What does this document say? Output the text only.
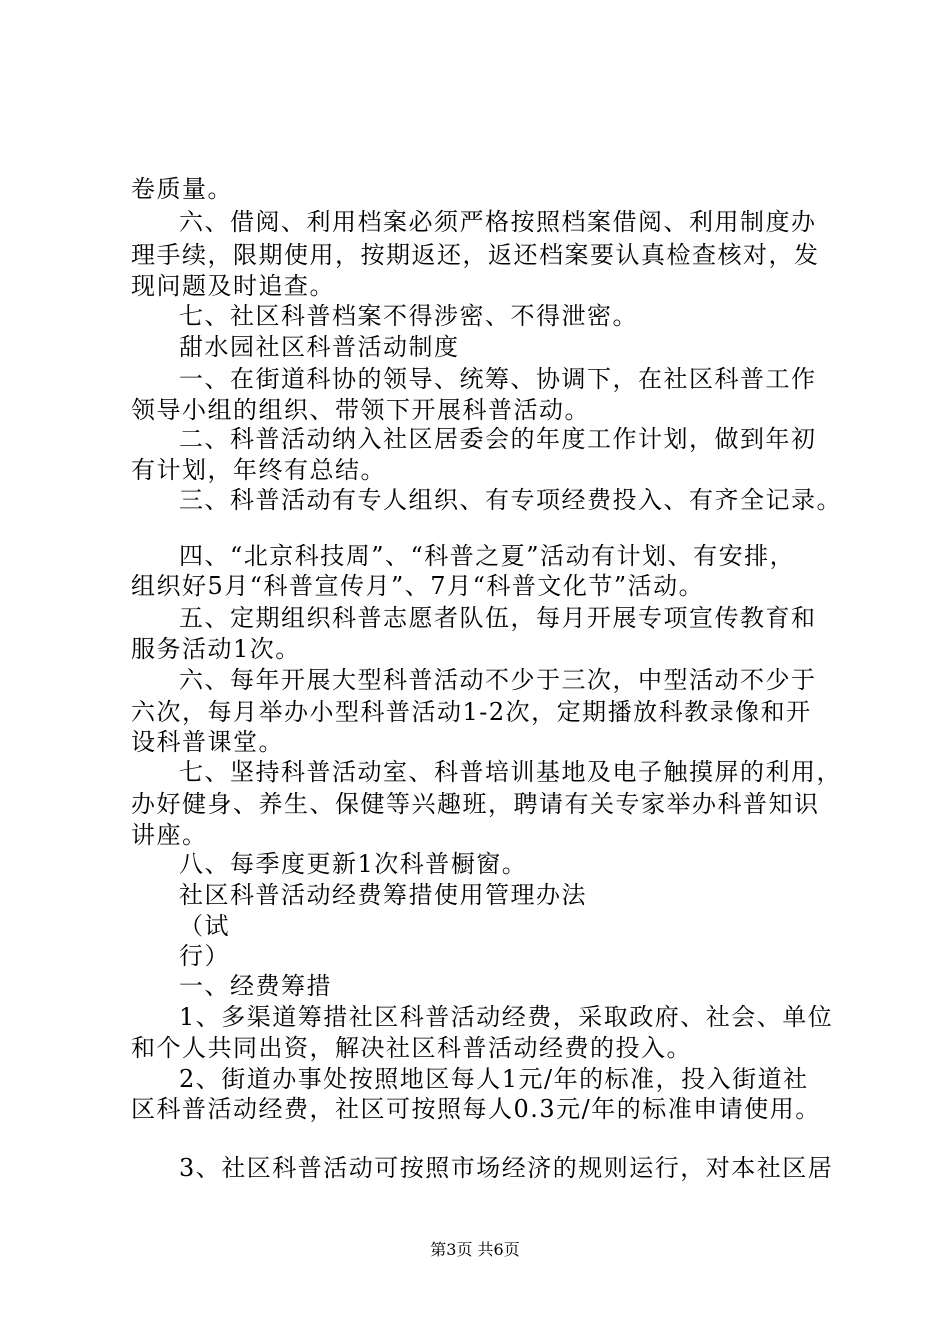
卷质量。
六、借阅、利用档案必须严格按照档案借阅、利用制度办
理手续，限期使用，按期返还，返还档案要认真检查核对，发
现问题及时追查。
七、社区科普档案不得涉密、不得泄密。
甜水园社区科普活动制度
一、在街道科协的领导、统筹、协调下，在社区科普工作
领导小组的组织、带领下开展科普活动。
二、科普活动纳入社区居委会的年度工作计划，做到年初
有计划，年终有总结。
三、科普活动有专人组织、有专项经费投入、有齐全记录。
四、“北京科技周”、“科普之夏”活动有计划、有安排，
组织好5月“科普宣传月”、7月“科普文化节”活动。
五、定期组织科普志愿者队伍，每月开展专项宣传教育和
服务活动1次。
六、每年开展大型科普活动不少于三次，中型活动不少于
六次，每月举办小型科普活动1-2次，定期播放科教录像和开
设科普课堂。
七、坚持科普活动室、科普培训基地及电子触摸屏的利用，
办好健身、养生、保健等兴趣班，聘请有关专家举办科普知识
讲座。
八、每季度更新1次科普橱窗。
社区科普活动经费筹措使用管理办法
（试
行）
一、经费筹措
1、多渠道筹措社区科普活动经费，采取政府、社会、单位
和个人共同出资，解决社区科普活动经费的投入。
2、街道办事处按照地区每人1元/年的标准，投入街道社
区科普活动经费，社区可按照每人0.3元/年的标准申请使用。
3、社区科普活动可按照市场经济的规则运行，对本社区居
第3页 共6页
